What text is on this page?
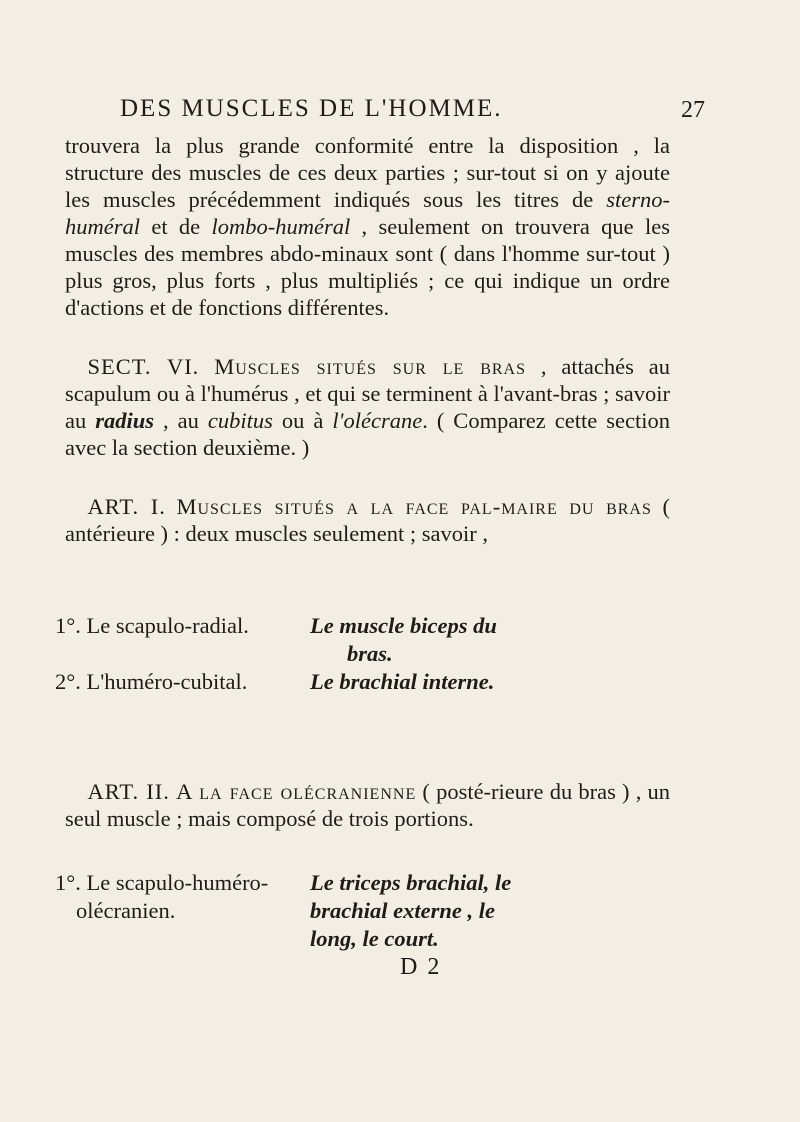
DES MUSCLES DE L'HOMME.	27

trouvera la plus grande conformité entre la disposition , la structure des muscles de ces deux parties ; sur-tout si on y ajoute les muscles précédemment indiqués sous les titres de sterno-huméral et de lombo-huméral , seulement on trouvera que les muscles des membres abdo-minaux sont ( dans l'homme sur-tout ) plus gros, plus forts , plus multipliés ; ce qui indique un ordre d'actions et de fonctions différentes.

 SECT. VI. Muscles situés sur le bras , attachés au scapulum ou à l'humérus , et qui se terminent à l'avant-bras ; savoir au radius , au cubitus ou à l'olécrane. ( Comparez cette section avec la section deuxième. )

 ART. I. Muscles situés a la face pal-maire du bras ( antérieure ) : deux muscles seulement ; savoir ,

1°. Le scapulo-radial.	Le muscle biceps du
bras.
2°. L'huméro-cubital.	Le brachial interne.

 ART. II. A la face olécranienne ( posté-rieure du bras ) , un seul muscle ; mais composé de trois portions.

1°. Le scapulo-huméro- Le triceps brachial, le
olécranien.	brachial externe , le
long, le court.
D 2
